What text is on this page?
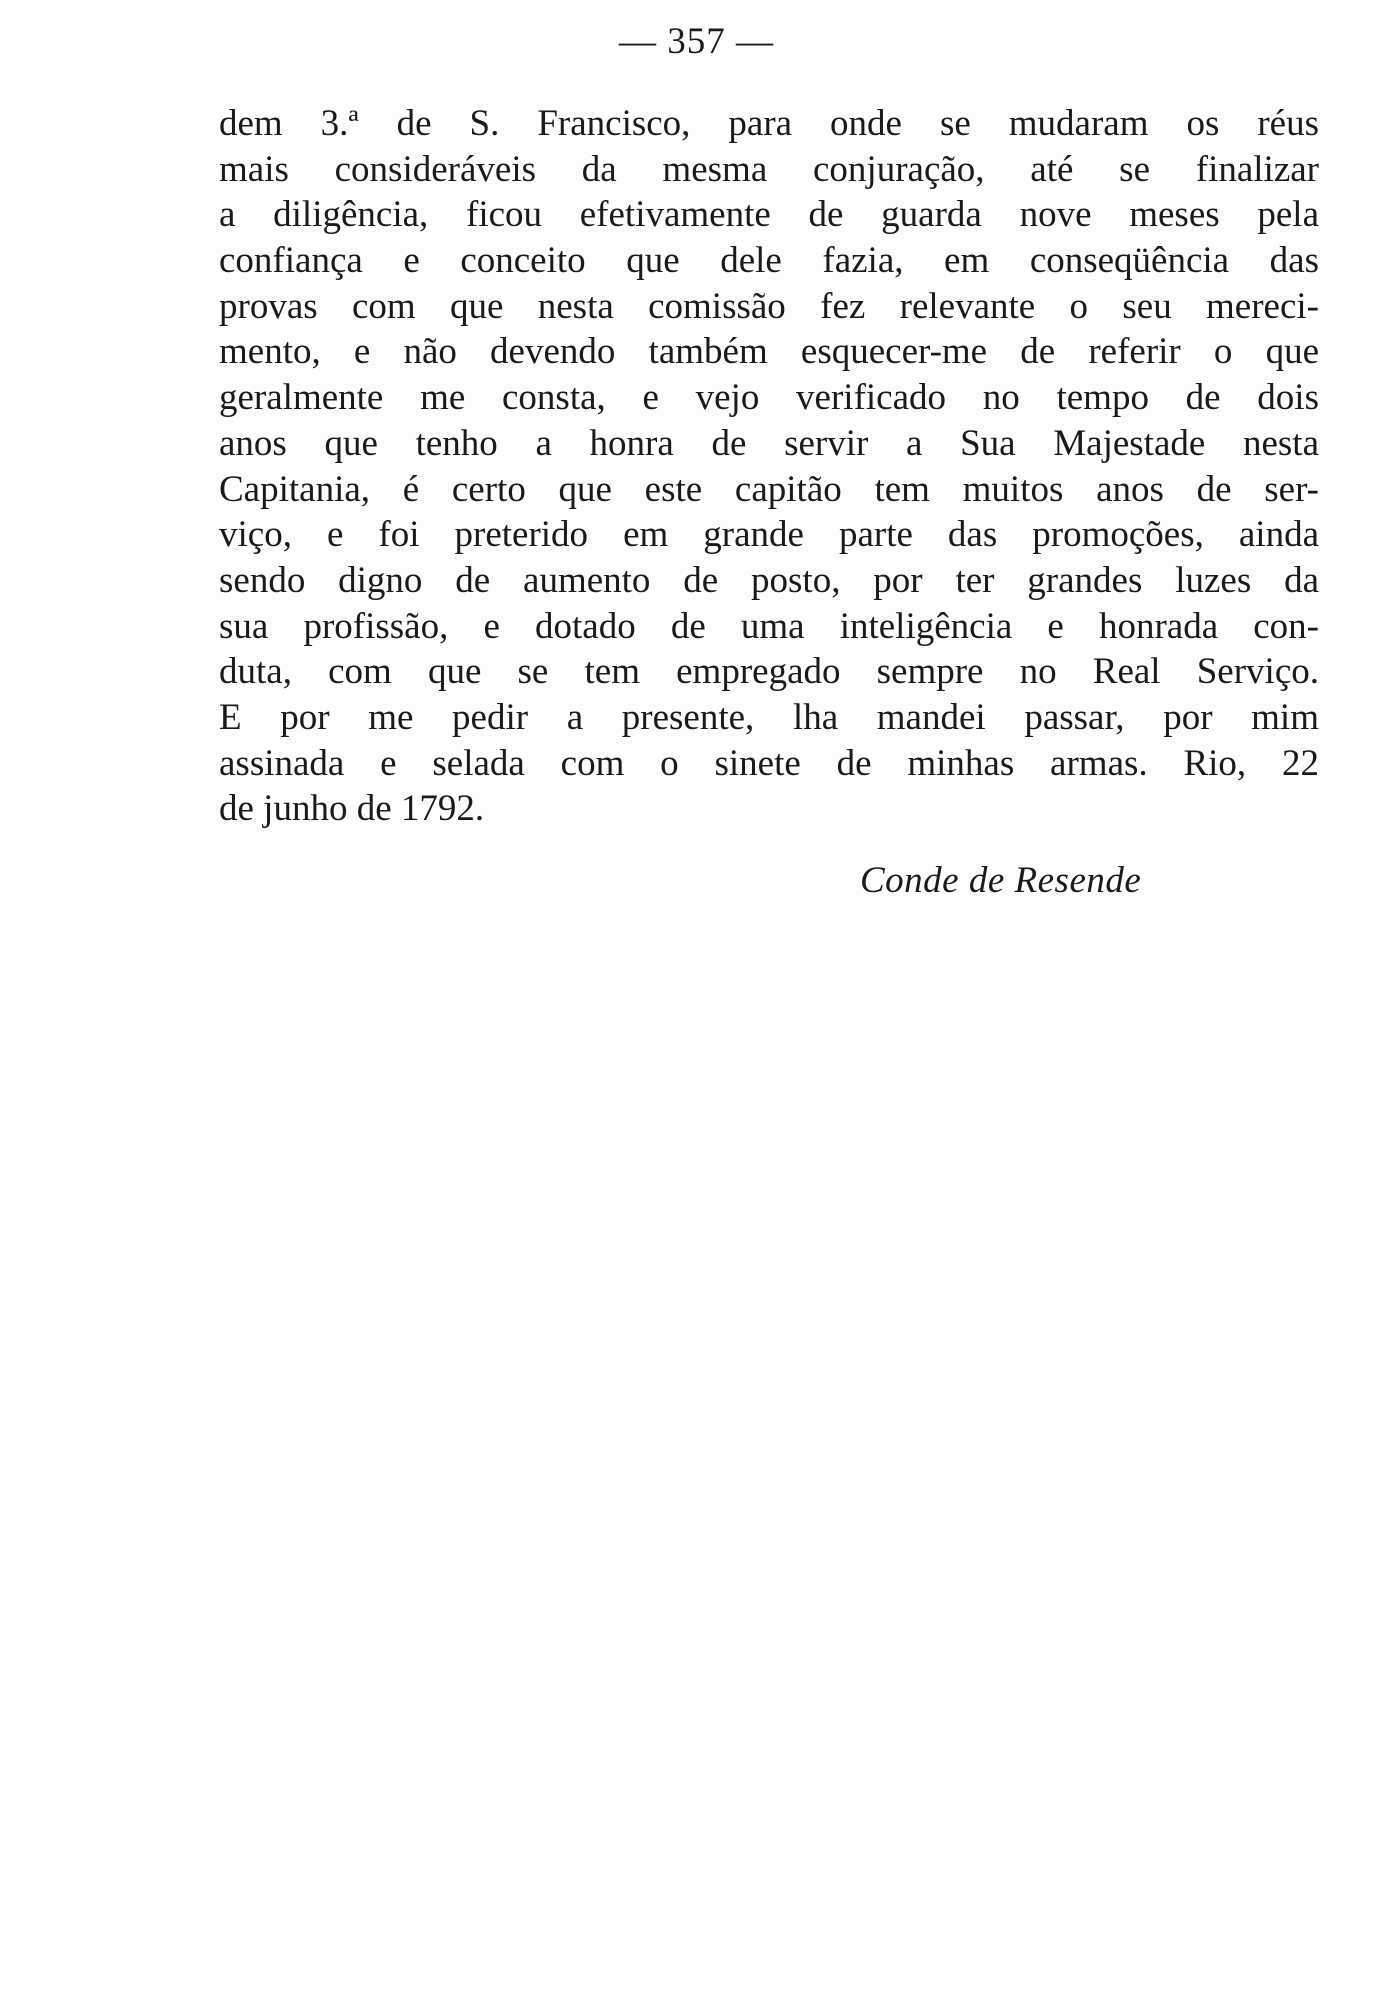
— 357 —
dem 3.ª de S. Francisco, para onde se mudaram os réus
mais consideráveis da mesma conjuração, até se finalizar
a diligência, ficou efetivamente de guarda nove meses pela
confiança e conceito que dele fazia, em conseqüência das
provas com que nesta comissão fez relevante o seu mereci-
mento, e não devendo também esquecer-me de referir o que
geralmente me consta, e vejo verificado no tempo de dois
anos que tenho a honra de servir a Sua Majestade nesta
Capitania, é certo que este capitão tem muitos anos de ser-
viço, e foi preterido em grande parte das promoções, ainda
sendo digno de aumento de posto, por ter grandes luzes da
sua profissão, e dotado de uma inteligência e honrada con-
duta, com que se tem empregado sempre no Real Serviço.
E por me pedir a presente, lha mandei passar, por mim
assinada e selada com o sinete de minhas armas. Rio, 22
de junho de 1792.
Conde de Resende
